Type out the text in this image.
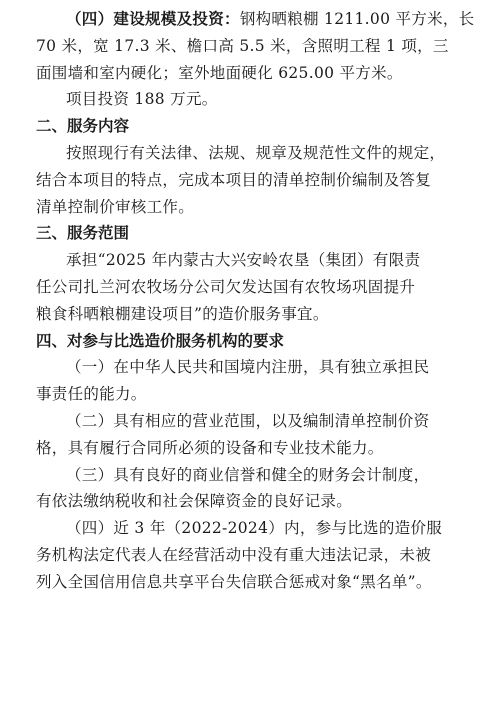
（四）建设规模及投资：钢构晒粮棚 1211.00 平方米，长
70 米，宽 17.3 米、檐口高 5.5 米，含照明工程 1 项，三
面围墙和室内硬化；室外地面硬化 625.00 平方米。
项目投资 188 万元。
二、服务内容
按照现行有关法律、法规、规章及规范性文件的规定，
结合本项目的特点，完成本项目的清单控制价编制及答复
清单控制价审核工作。
三、服务范围
承担“2025 年内蒙古大兴安岭农垦（集团）有限责
任公司扎兰河农牧场分公司欠发达国有农牧场巩固提升
粮食科晒粮棚建设项目”的造价服务事宜。
四、对参与比选造价服务机构的要求
（一）在中华人民共和国境内注册，具有独立承担民
事责任的能力。
（二）具有相应的营业范围，以及编制清单控制价资
格，具有履行合同所必须的设备和专业技术能力。
（三）具有良好的商业信誉和健全的财务会计制度，
有依法缴纳税收和社会保障资金的良好记录。
（四）近 3 年（2022-2024）内，参与比选的造价服
务机构法定代表人在经营活动中没有重大违法记录，未被
列入全国信用信息共享平台失信联合惩戒对象“黑名单”。
